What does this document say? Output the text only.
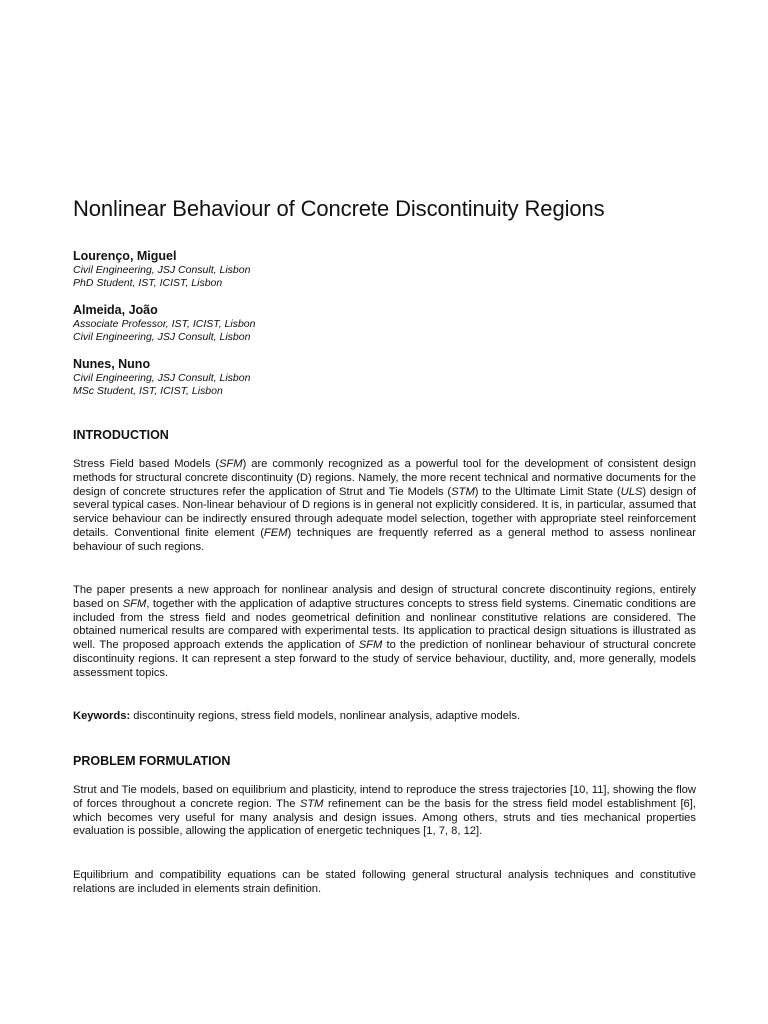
Nonlinear Behaviour of Concrete Discontinuity Regions

Lourenço, Miguel

Civil Engineering, JSJ Consult, Lisbon

PhD Student, IST, ICIST, Lisbon

Almeida, João

Associate Professor, IST, ICIST, Lisbon

Civil Engineering, JSJ Consult, Lisbon

Nunes, Nuno

Civil Engineering, JSJ Consult, Lisbon

MSc Student, IST, ICIST, Lisbon

INTRODUCTION

Stress Field based Models (SFM) are commonly recognized as a powerful tool for the development of consistent design methods for structural concrete discontinuity (D) regions. Namely, the more recent technical and normative documents for the design of concrete structures refer the application of Strut and Tie Models (STM) to the Ultimate Limit State (ULS) design of several typical cases. Non-linear behaviour of D regions is in general not explicitly considered. It is, in particular, assumed that service behaviour can be indirectly ensured through adequate model selection, together with appropriate steel reinforcement details. Conventional finite element (FEM) techniques are frequently referred as a general method to assess nonlinear behaviour of such regions.

The paper presents a new approach for nonlinear analysis and design of structural concrete discontinuity regions, entirely based on SFM, together with the application of adaptive structures concepts to stress field systems. Cinematic conditions are included from the stress field and nodes geometrical definition and nonlinear constitutive relations are considered. The obtained numerical results are compared with experimental tests. Its application to practical design situations is illustrated as well. The proposed approach extends the application of SFM to the prediction of nonlinear behaviour of structural concrete discontinuity regions. It can represent a step forward to the study of service behaviour, ductility, and, more generally, models assessment topics.

Keywords: discontinuity regions, stress field models, nonlinear analysis, adaptive models.

PROBLEM FORMULATION

Strut and Tie models, based on equilibrium and plasticity, intend to reproduce the stress trajectories [10, 11], showing the flow of forces throughout a concrete region. The STM refinement can be the basis for the stress field model establishment [6], which becomes very useful for many analysis and design issues. Among others, struts and ties mechanical properties evaluation is possible, allowing the application of energetic techniques [1, 7, 8, 12].

Equilibrium and compatibility equations can be stated following general structural analysis techniques and constitutive relations are included in elements strain definition.
